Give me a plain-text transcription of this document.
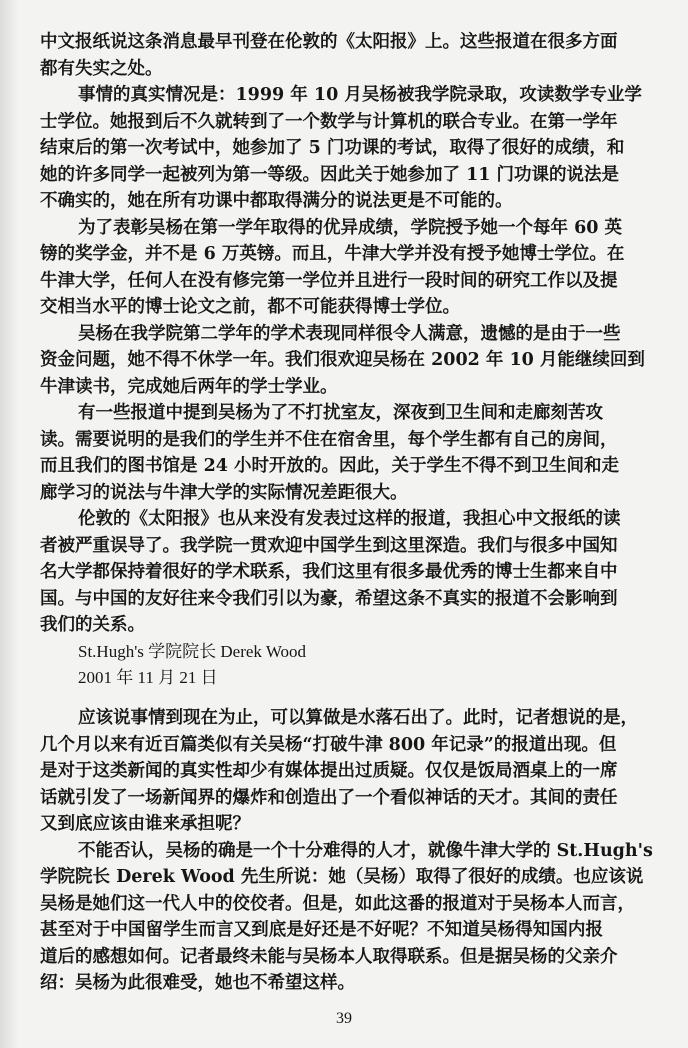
中文报纸说这条消息最早刊登在伦敦的《太阳报》上。这些报道在很多方面
都有失实之处。
事情的真实情况是：1999 年 10 月吴杨被我学院录取，攻读数学专业学
士学位。她报到后不久就转到了一个数学与计算机的联合专业。在第一学年
结束后的第一次考试中，她参加了 5 门功课的考试，取得了很好的成绩，和
她的许多同学一起被列为第一等级。因此关于她参加了 11 门功课的说法是
不确实的，她在所有功课中都取得满分的说法更是不可能的。
为了表彰吴杨在第一学年取得的优异成绩，学院授予她一个每年 60 英
镑的奖学金，并不是 6 万英镑。而且，牛津大学并没有授予她博士学位。在
牛津大学，任何人在没有修完第一学位并且进行一段时间的研究工作以及提
交相当水平的博士论文之前，都不可能获得博士学位。
吴杨在我学院第二学年的学术表现同样很令人满意，遗憾的是由于一些
资金问题，她不得不休学一年。我们很欢迎吴杨在 2002 年 10 月能继续回到
牛津读书，完成她后两年的学士学业。
有一些报道中提到吴杨为了不打扰室友，深夜到卫生间和走廊刻苦攻
读。需要说明的是我们的学生并不住在宿舍里，每个学生都有自己的房间，
而且我们的图书馆是 24 小时开放的。因此，关于学生不得不到卫生间和走
廊学习的说法与牛津大学的实际情况差距很大。
伦敦的《太阳报》也从来没有发表过这样的报道，我担心中文报纸的读
者被严重误导了。我学院一贯欢迎中国学生到这里深造。我们与很多中国知
名大学都保持着很好的学术联系，我们这里有很多最优秀的博士生都来自中
国。与中国的友好往来令我们引以为豪，希望这条不真实的报道不会影响到
我们的关系。
St.Hugh's 学院院长 Derek Wood
2001 年 11 月 21 日
应该说事情到现在为止，可以算做是水落石出了。此时，记者想说的是，
几个月以来有近百篇类似有关吴杨“打破牛津 800 年记录”的报道出现。但
是对于这类新闻的真实性却少有媒体提出过质疑。仅仅是饭局酒桌上的一席
话就引发了一场新闻界的爆炸和创造出了一个看似神话的天才。其间的责任
又到底应该由谁来承担呢？
不能否认，吴杨的确是一个十分难得的人才，就像牛津大学的 St.Hugh's
学院院长 Derek Wood 先生所说：她（吴杨）取得了很好的成绩。也应该说
吴杨是她们这一代人中的佼佼者。但是，如此这番的报道对于吴杨本人而言，
甚至对于中国留学生而言又到底是好还是不好呢？不知道吴杨得知国内报
道后的感想如何。记者最终未能与吴杨本人取得联系。但是据吴杨的父亲介
绍：吴杨为此很难受，她也不希望这样。
39
